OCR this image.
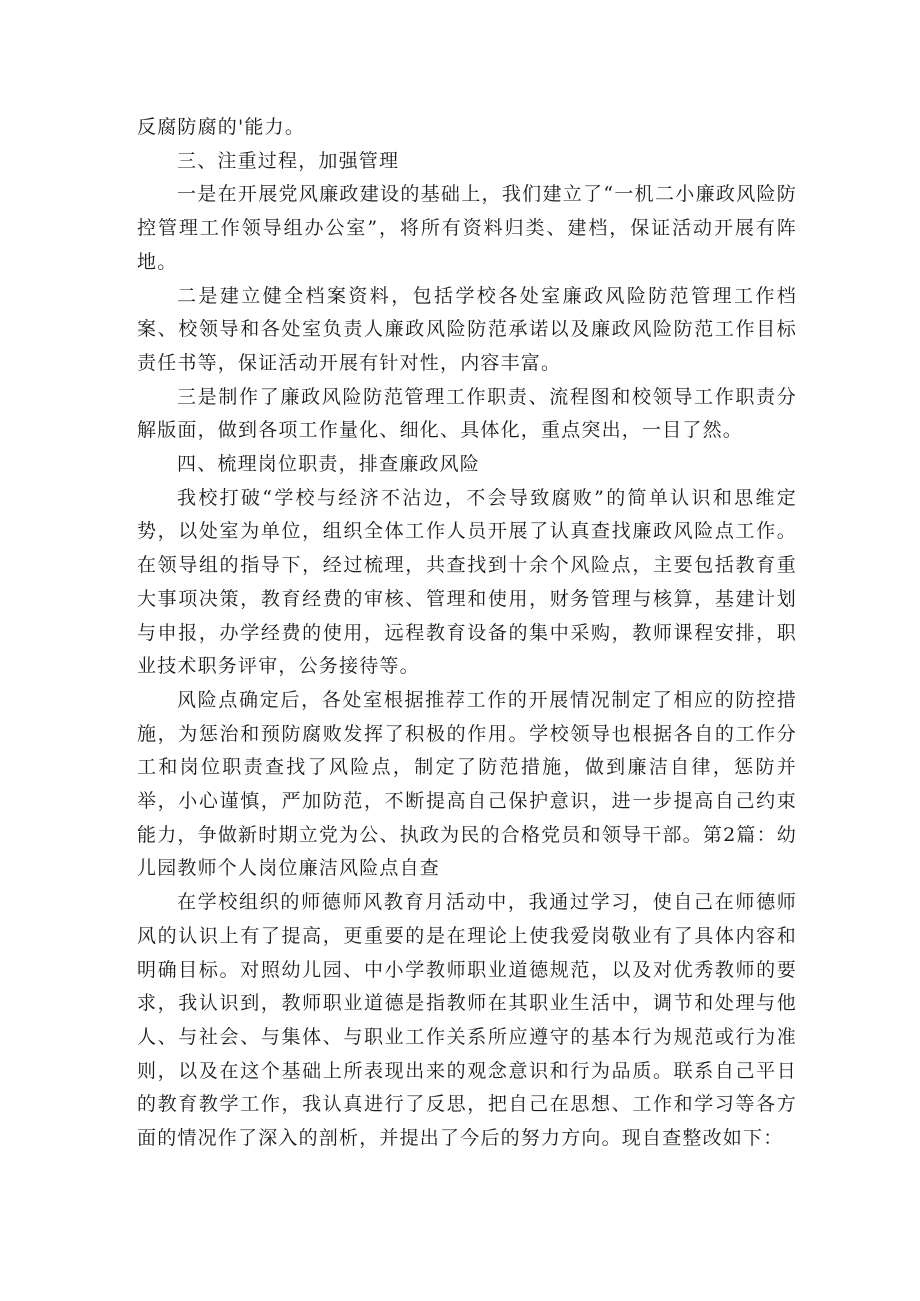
反腐防腐的'能力。

三、注重过程，加强管理

一是在开展党风廉政建设的基础上，我们建立了“一机二小廉政风险防控管理工作领导组办公室”，将所有资料归类、建档，保证活动开展有阵地。

二是建立健全档案资料，包括学校各处室廉政风险防范管理工作档案、校领导和各处室负责人廉政风险防范承诺以及廉政风险防范工作目标责任书等，保证活动开展有针对性，内容丰富。

三是制作了廉政风险防范管理工作职责、流程图和校领导工作职责分解版面，做到各项工作量化、细化、具体化，重点突出，一目了然。

四、梳理岗位职责，排查廉政风险

我校打破“学校与经济不沾边，不会导致腐败”的简单认识和思维定势，以处室为单位，组织全体工作人员开展了认真查找廉政风险点工作。在领导组的指导下，经过梳理，共查找到十余个风险点，主要包括教育重大事项决策，教育经费的审核、管理和使用，财务管理与核算，基建计划与申报，办学经费的使用，远程教育设备的集中采购，教师课程安排，职业技术职务评审，公务接待等。

风险点确定后，各处室根据推荐工作的开展情况制定了相应的防控措施，为惩治和预防腐败发挥了积极的作用。学校领导也根据各自的工作分工和岗位职责查找了风险点，制定了防范措施，做到廉洁自律，惩防并举，小心谨慎，严加防范，不断提高自己保护意识，进一步提高自己约束能力，争做新时期立党为公、执政为民的合格党员和领导干部。第2篇：幼儿园教师个人岗位廉洁风险点自查

在学校组织的师德师风教育月活动中，我通过学习，使自己在师德师风的认识上有了提高，更重要的是在理论上使我爱岗敬业有了具体内容和明确目标。对照幼儿园、中小学教师职业道德规范，以及对优秀教师的要求，我认识到，教师职业道德是指教师在其职业生活中，调节和处理与他人、与社会、与集体、与职业工作关系所应遵守的基本行为规范或行为准则，以及在这个基础上所表现出来的观念意识和行为品质。联系自己平日的教育教学工作，我认真进行了反思，把自己在思想、工作和学习等各方面的情况作了深入的剖析，并提出了今后的努力方向。现自查整改如下：
